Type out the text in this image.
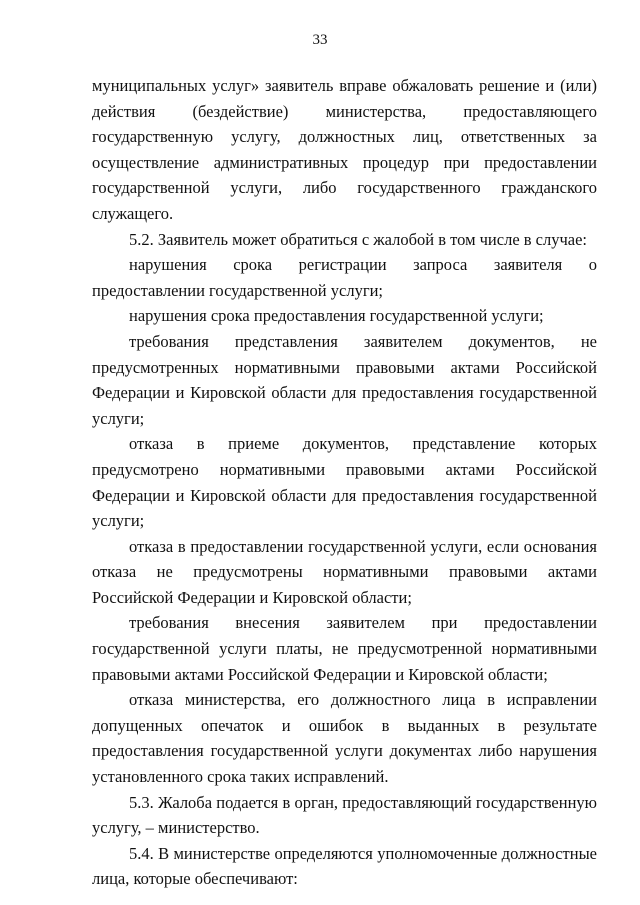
33

муниципальных услуг» заявитель вправе обжаловать решение и (или) действия (бездействие) министерства, предоставляющего государственную услугу, должностных лиц, ответственных за осуществление административных процедур при предоставлении государственной услуги, либо государственного гражданского служащего.

5.2. Заявитель может обратиться с жалобой в том числе в случае:

нарушения срока регистрации запроса заявителя о предоставлении государственной услуги;

нарушения срока предоставления государственной услуги;

требования представления заявителем документов, не предусмотренных нормативными правовыми актами Российской Федерации и Кировской области для предоставления государственной услуги;

отказа в приеме документов, представление которых предусмотрено нормативными правовыми актами Российской Федерации и Кировской области для предоставления государственной услуги;

отказа в предоставлении государственной услуги, если основания отказа не предусмотрены нормативными правовыми актами Российской Федерации и Кировской области;

требования внесения заявителем при предоставлении государственной услуги платы, не предусмотренной нормативными правовыми актами Российской Федерации и Кировской области;

отказа министерства, его должностного лица в исправлении допущенных опечаток и ошибок в выданных в результате предоставления государственной услуги документах либо нарушения установленного срока таких исправлений.

5.3. Жалоба подается в орган, предоставляющий государственную услугу, – министерство.

5.4. В министерстве определяются уполномоченные должностные лица, которые обеспечивают:
